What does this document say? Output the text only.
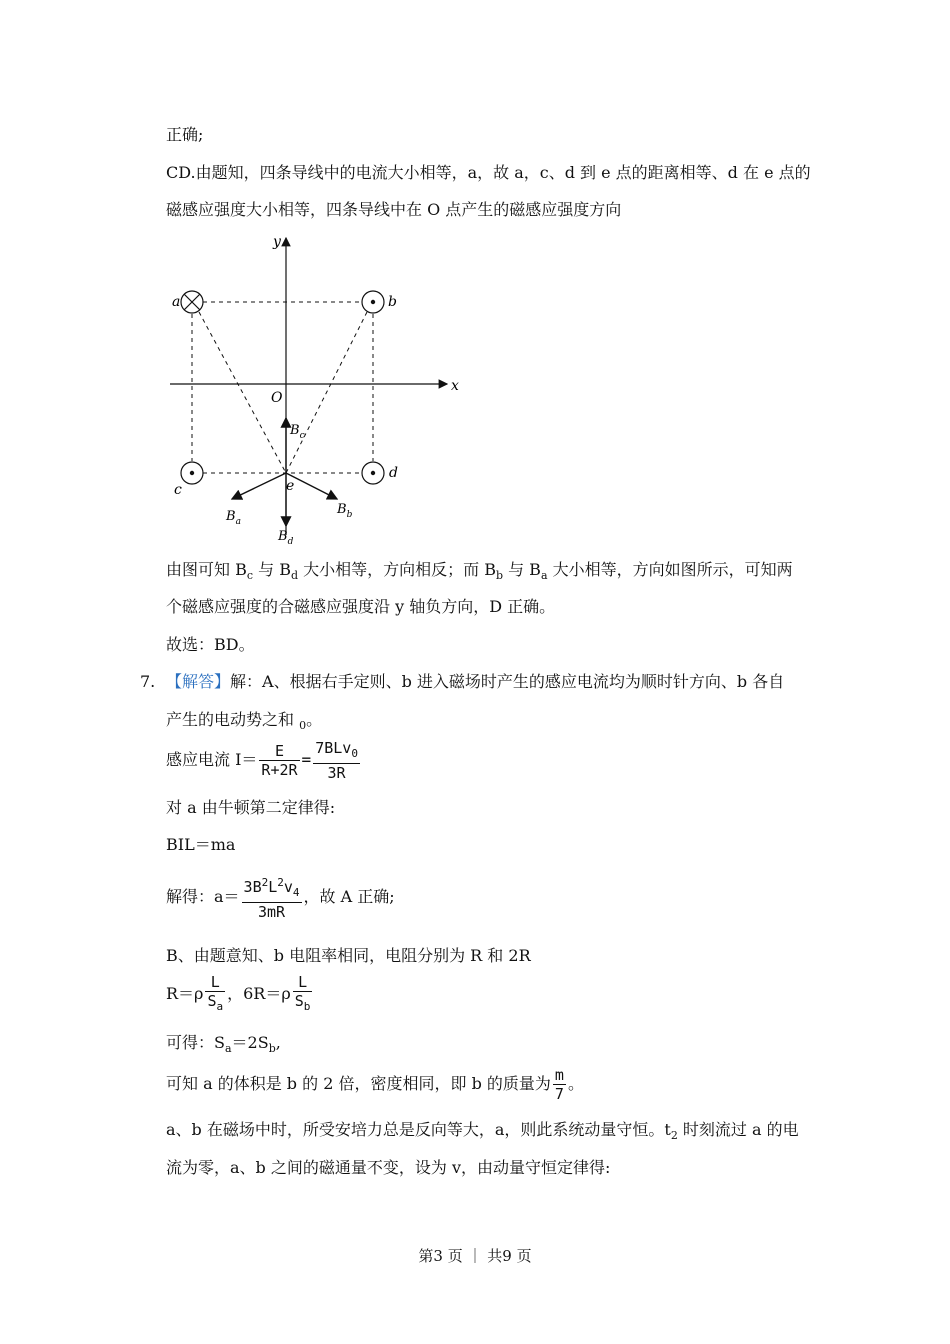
正确;
CD.由题知，四条导线中的电流大小相等，a，故 a，c、d 到 e 点的距离相等、d 在 e 点的
磁感应强度大小相等，四条导线中在 O 点产生的磁感应强度方向
y
x
O
a	b
c
d
e
$B_c$
$B_a$
$B_b$
$B_d$
由图可知 $B_c$ 与 $B_d$ 大小相等，方向相反；而 $B_b$ 与 $B_a$ 大小相等，方向如图所示，可知两
个磁感应强度的合磁感应强度沿 y 轴负方向，D 正确。
故选：BD。
7. 【解答】解：A、根据右手定则、b 进入磁场时产生的感应电流均为顺时针方向、b 各自
产生的电动势之和 $_0$。
感应电流 $I= \frac{E}{R+2R} = \frac{7BLv_0}{3R}$
对 a 由牛顿第二定律得:
BIL＝ma
解得：$a= \frac{3B^2L^2v_4}{3mR}$ ，故 A 正确;
B、由题意知、b 电阻率相同，电阻分别为 R 和 2R
$R=\rho \frac{L}{S_a}$ ，$6R=\rho \frac{L}{S_b}$
可得：$S_a=2S_b$,
可知 a 的体积是 b 的 2 倍，密度相同，即 b 的质量为 $\frac{m}{7}$ 。
a、b 在磁场中时，所受安培力总是反向等大，a，则此系统动量守恒。$t_2$ 时刻流过 a 的电
流为零，a、b 之间的磁通量不变，设为 v，由动量守恒定律得:
第3 页 ｜ 共9 页
